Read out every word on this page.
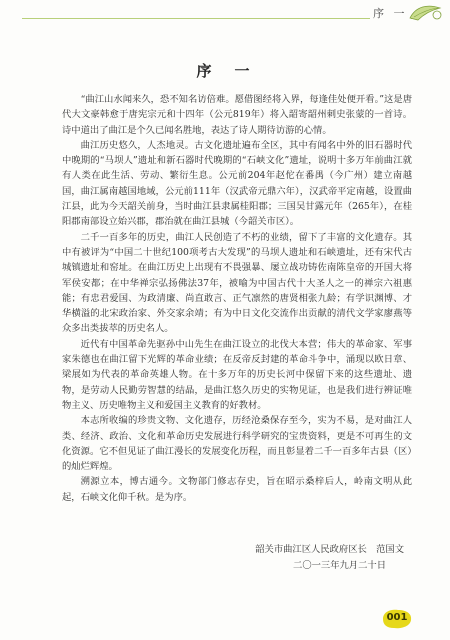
序 一
序　一

“曲江山水闻来久，恐不知名访倍难。愿借图经将入界，每逢佳处便开看。”这是唐代大文豪韩愈于唐宪宗元和十四年（公元819年）将入韶寄韶州刺史张蒙的一首诗。诗中道出了曲江是个久已闻名胜地，表达了诗人期待访游的心情。

曲江历史悠久，人杰地灵。古文化遗址遍布全区，其中有闻名中外的旧石器时代中晚期的“马坝人”遗址和新石器时代晚期的“石峡文化”遗址，说明十多万年前曲江就有人类在此生活、劳动、繁衍生息。公元前204年赵佗在番禺（今广州）建立南越国，曲江属南越国地域，公元前111年（汉武帝元鼎六年），汉武帝平定南越，设置曲江县，此为今天韶关前身，当时曲江县隶属桂阳郡；三国吴甘露元年（265年），在桂阳郡南部设立始兴郡，郡治就在曲江县城（今韶关市区）。

二千一百多年的历史，曲江人民创造了不朽的业绩，留下了丰富的文化遗存。其中有被评为“中国二十世纪100项考古大发现”的马坝人遗址和石峡遗址，还有宋代古城镇遗址和窑址。在曲江历史上出现有不畏强暴、屡立战功铸佐南陈皇帝的开国大将军侯安都；在中华禅宗弘扬佛法37年，被喻为中国古代十大圣人之一的禅宗六祖惠能；有忠君爱国、为政清廉、尚直敢言、正气凛然的唐贤相张九龄；有学识渊博、才华横溢的北宋政治家、外交家余靖；有为中日文化交流作出贡献的清代文学家廖燕等众多出类拔萃的历史名人。

近代有中国革命先驱孙中山先生在曲江设立的北伐大本营；伟大的革命家、军事家朱德也在曲江留下光辉的革命业绩；在反帝反封建的革命斗争中，涌现以欧日章、梁展如为代表的革命英雄人物。在十多万年的历史长河中保留下来的这些遗址、遗物，是劳动人民勤劳智慧的结晶，是曲江悠久历史的实物见证，也是我们进行辨证唯物主义、历史唯物主义和爱国主义教育的好教材。

本志所收编的珍贵文物、文化遗存，历经沧桑保存至今，实为不易，是对曲江人类、经济、政治、文化和革命历史发展进行科学研究的宝贵资料，更是不可再生的文化资源。它不但见证了曲江漫长的发展变化历程，而且彰显着二千一百多年古县（区）的灿烂辉煌。

溯源立本，博古通今。文物部门修志存史，旨在昭示桑梓后人，岭南文明从此起，石峡文化仰千秋。是为序。

韶关市曲江区人民政府区长　范国文
二〇一三年九月二十日
001
